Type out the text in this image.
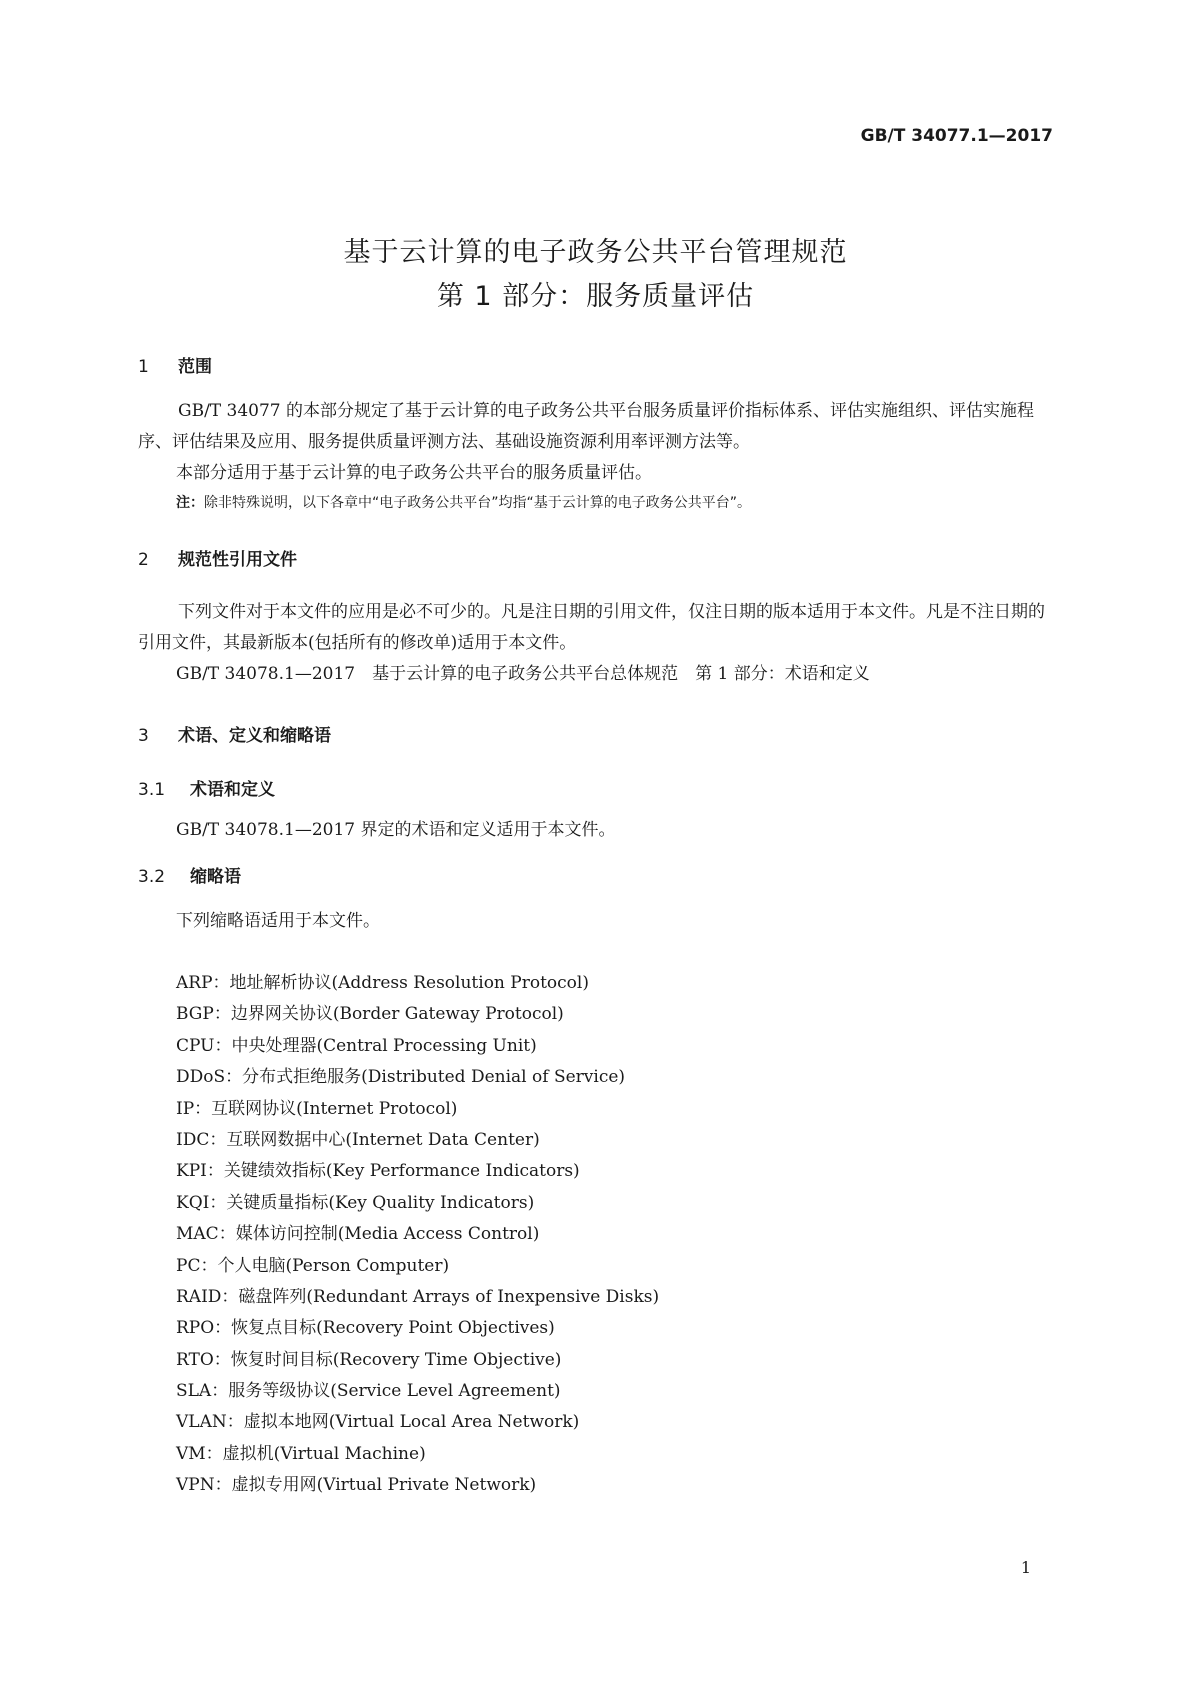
GB/T 34077.1—2017
基于云计算的电子政务公共平台管理规范
第 1 部分：服务质量评估
1 范围
GB/T 34077 的本部分规定了基于云计算的电子政务公共平台服务质量评价指标体系、评估实施组织、评估实施程序、评估结果及应用、服务提供质量评测方法、基础设施资源利用率评测方法等。
本部分适用于基于云计算的电子政务公共平台的服务质量评估。
注：除非特殊说明，以下各章中“电子政务公共平台”均指“基于云计算的电子政务公共平台”。
2 规范性引用文件
下列文件对于本文件的应用是必不可少的。凡是注日期的引用文件，仅注日期的版本适用于本文件。凡是不注日期的引用文件，其最新版本(包括所有的修改单)适用于本文件。
GB/T 34078.1—2017　基于云计算的电子政务公共平台总体规范　第 1 部分：术语和定义
3 术语、定义和缩略语
3.1 术语和定义
GB/T 34078.1—2017 界定的术语和定义适用于本文件。
3.2 缩略语
下列缩略语适用于本文件。
ARP：地址解析协议(Address Resolution Protocol)
BGP：边界网关协议(Border Gateway Protocol)
CPU：中央处理器(Central Processing Unit)
DDoS：分布式拒绝服务(Distributed Denial of Service)
IP：互联网协议(Internet Protocol)
IDC：互联网数据中心(Internet Data Center)
KPI：关键绩效指标(Key Performance Indicators)
KQI：关键质量指标(Key Quality Indicators)
MAC：媒体访问控制(Media Access Control)
PC：个人电脑(Person Computer)
RAID：磁盘阵列(Redundant Arrays of Inexpensive Disks)
RPO：恢复点目标(Recovery Point Objectives)
RTO：恢复时间目标(Recovery Time Objective)
SLA：服务等级协议(Service Level Agreement)
VLAN：虚拟本地网(Virtual Local Area Network)
VM：虚拟机(Virtual Machine)
VPN：虚拟专用网(Virtual Private Network)
1
